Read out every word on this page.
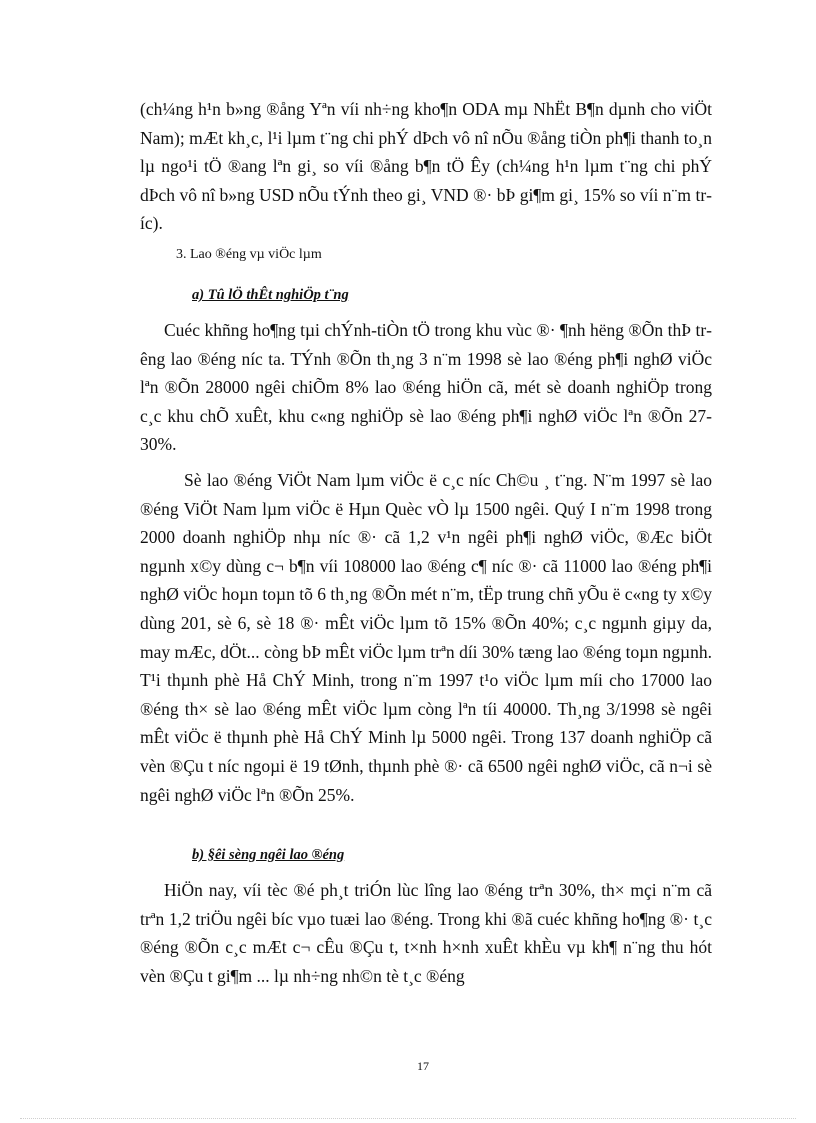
(ch¼ng h¹n b»ng ®ång Yªn víi nh÷ng kho¶n ODA mµ NhËt B¶n dµnh cho viÖt Nam); mÆt kh¸c, l¹i lµm t¨ng chi phÝ dÞch vô nî nÕu ®ång tiÒn ph¶i thanh to¸n lµ ngo¹i tÖ ®ang lªn gi¸ so víi ®ång b¶n tÖ Êy (ch¼ng h¹n lµm t¨ng chi phÝ dÞch vô nî b»ng USD nÕu tÝnh theo gi¸ VND ®· bÞ gi¶m gi¸ 15% so víi n¨m tríc).

3. Lao ®éng vµ viÖc lµm

a) Tû lÖ thÊt nghiÖp t¨ng

Cuéc khñng ho¶ng tµi chÝnh-tiÒn tÖ trong khu vùc ®· ¶nh hëng ®Õn thÞ trêng lao ®éng níc ta. TÝnh ®Õn th¸ng 3 n¨m 1998 sè lao ®éng ph¶i nghØ viÖc lªn ®Õn 28000 ngêi chiÕm 8% lao ®éng hiÖn cã, mét sè doanh nghiÖp trong c¸c khu chÕ xuÊt, khu c«ng nghiÖp sè lao ®éng ph¶i nghØ viÖc lªn ®Õn 27- 30%.

Sè lao ®éng ViÖt Nam lµm viÖc ë c¸c níc Ch©u ¸ t¨ng. N¨m 1997 sè lao ®éng ViÖt Nam lµm viÖc ë Hµn Quèc vÒ lµ 1500 ngêi. Quý I n¨m 1998 trong 2000 doanh nghiÖp nhµ níc ®· cã 1,2 v¹n ngêi ph¶i nghØ viÖc, ®Æc biÖt ngµnh x©y dùng c¬ b¶n víi 108000 lao ®éng c¶ níc ®· cã 11000 lao ®éng ph¶i nghØ viÖc hoµn toµn tõ 6 th¸ng ®Õn mét n¨m, tËp trung chñ yÕu ë c«ng ty x©y dùng 201, sè 6, sè 18 ®· mÊt viÖc lµm tõ 15% ®Õn 40%; c¸c ngµnh giµy da, may mÆc, dÖt... còng bÞ mÊt viÖc lµm trªn díi 30% tæng lao ®éng toµn ngµnh. T¹i thµnh phè Hå ChÝ Minh, trong n¨m 1997 t¹o viÖc lµm míi cho 17000 lao ®éng th× sè lao ®éng mÊt viÖc lµm còng lªn tíi 40000. Th¸ng 3/1998 sè ngêi mÊt viÖc ë thµnh phè Hå ChÝ Minh lµ 5000 ngêi. Trong 137 doanh nghiÖp cã vèn ®Çu t níc ngoµi ë 19 tØnh, thµnh phè ®· cã 6500 ngêi nghØ viÖc, cã n¬i sè ngêi nghØ viÖc lªn ®Õn 25%.

b) §êi sèng ngêi lao ®éng

HiÖn nay, víi tèc ®é ph¸t triÓn lùc lîng lao ®éng trªn 30%, th× mçi n¨m cã trªn 1,2 triÖu ngêi bíc vµo tuæi lao ®éng. Trong khi ®ã cuéc khñng ho¶ng ®· t¸c ®éng ®Õn c¸c mÆt c¬ cÊu ®Çu t, t×nh h×nh xuÊt khÈu vµ kh¶ n¨ng thu hót vèn ®Çu t gi¶m ... lµ nh÷ng nh©n tè t¸c ®éng

17
